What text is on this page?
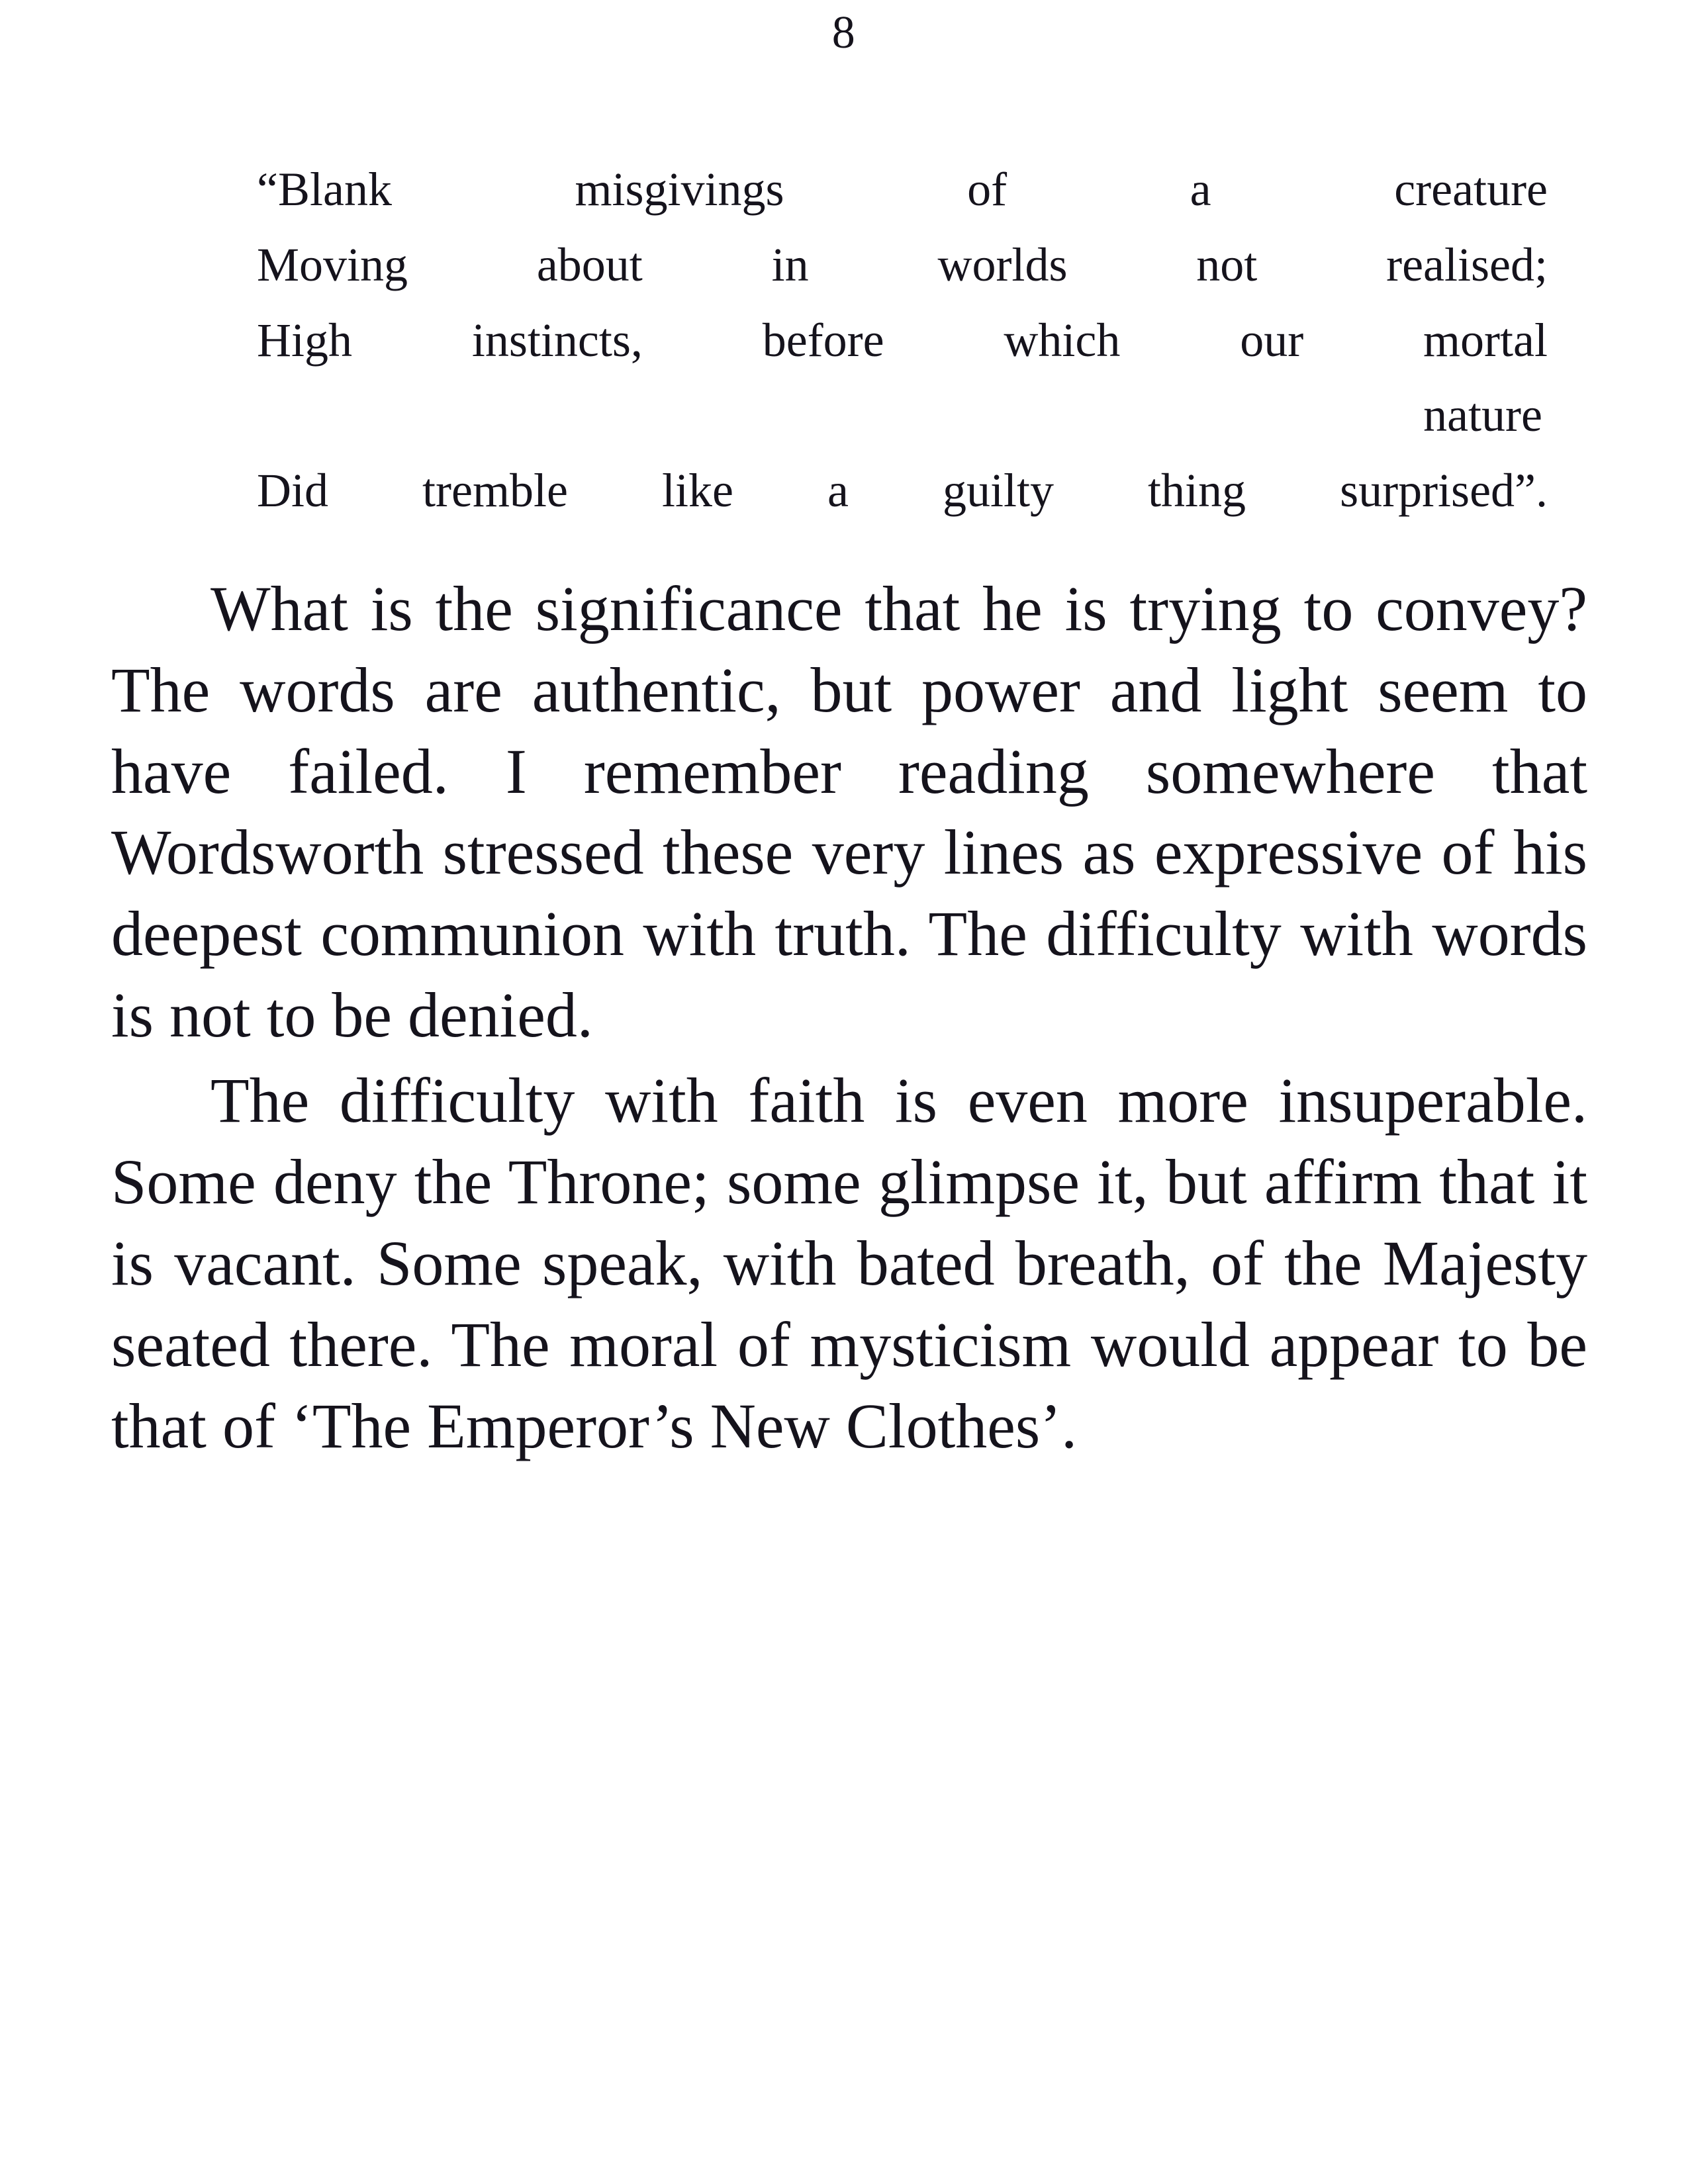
8
“Blank misgivings of a creature
Moving about in worlds not realised;
High instincts, before which our mortal
nature
Did tremble like a guilty thing surprised”.

What is the significance that he is trying to convey? The words are authentic, but power and light seem to have failed. I remember reading somewhere that Wordsworth stressed these very lines as expressive of his deepest communion with truth. The difficulty with words is not to be denied.

The difficulty with faith is even more insuperable. Some deny the Throne; some glimpse it, but affirm that it is vacant. Some speak, with bated breath, of the Majesty seated there. The moral of mysticism would appear to be that of ‘The Emperor’s New Clothes’.
